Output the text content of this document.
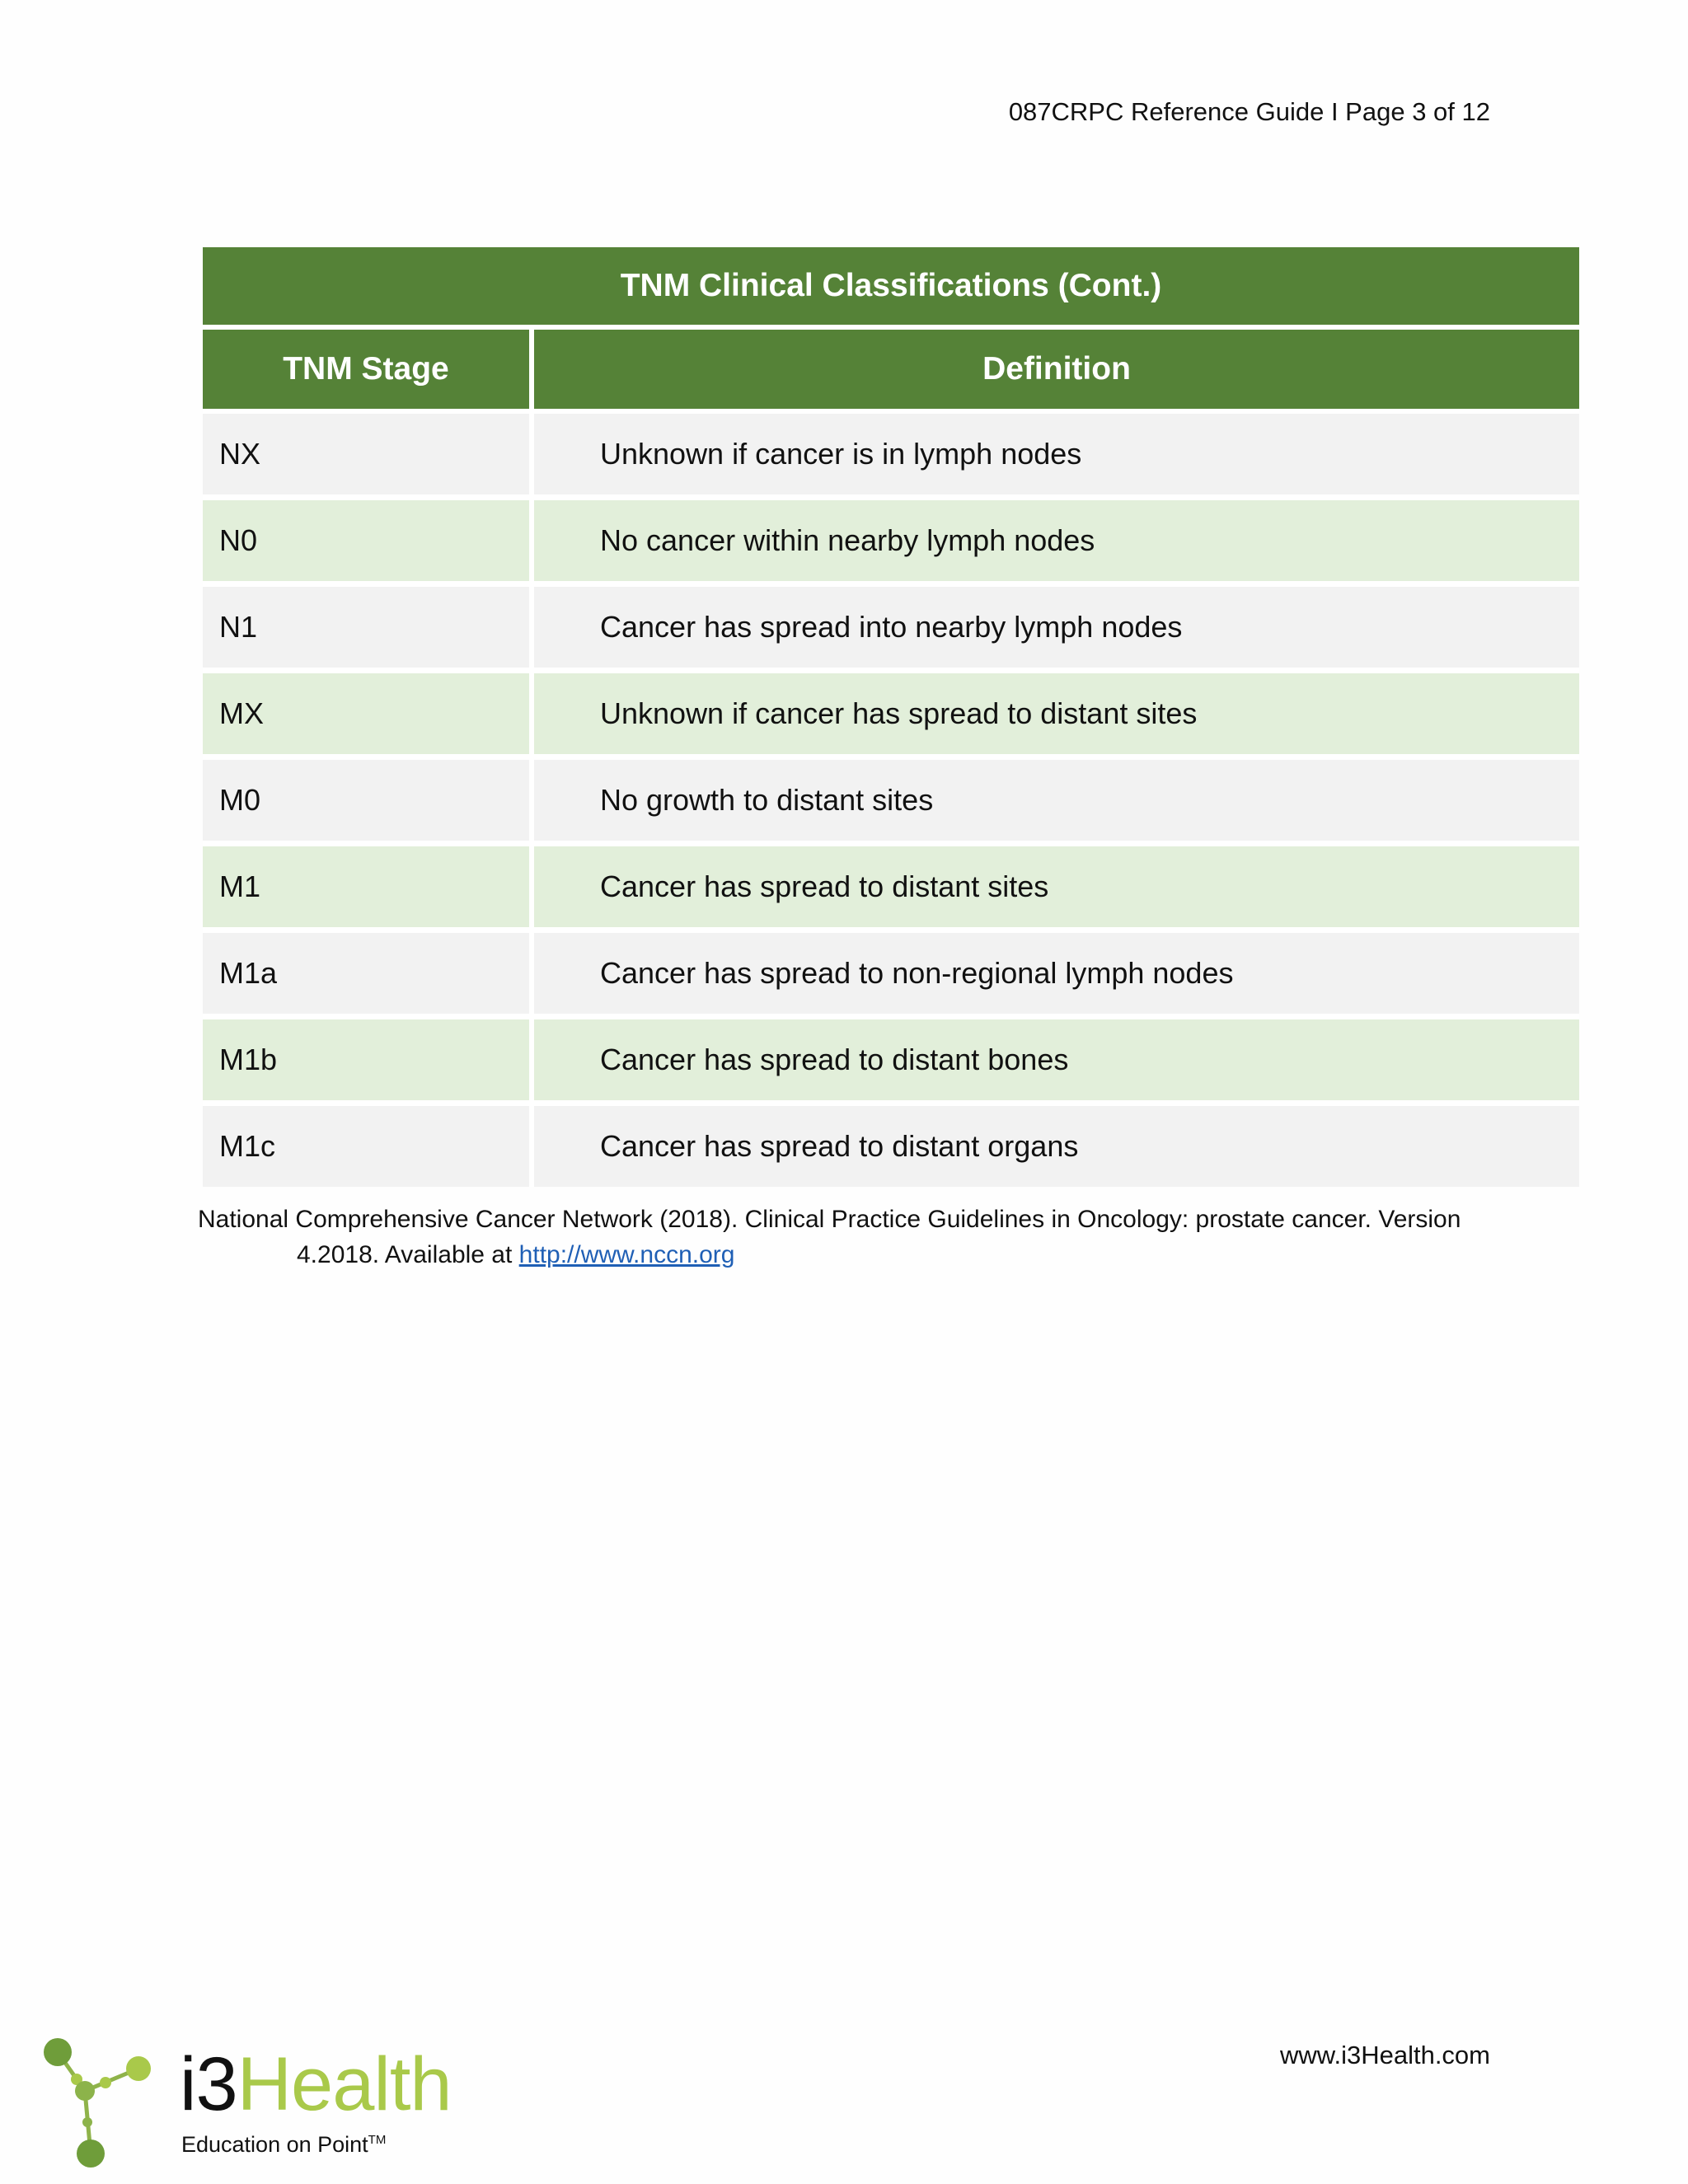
087CRPC Reference Guide I Page 3 of 12
TNM Clinical Classifications (Cont.)	
TNM Stage	Definition
NX	Unknown if cancer is in lymph nodes
N0	No cancer within nearby lymph nodes
N1	Cancer has spread into nearby lymph nodes
MX	Unknown if cancer has spread to distant sites
M0	No growth to distant sites
M1	Cancer has spread to distant sites
M1a	Cancer has spread to non-regional lymph nodes
M1b	Cancer has spread to distant bones
M1c	Cancer has spread to distant organs
National Comprehensive Cancer Network (2018). Clinical Practice Guidelines in Oncology: prostate cancer. Version
4.2018. Available at http://www.nccn.org
www.i3Health.com
i3Health
Education on Point™
